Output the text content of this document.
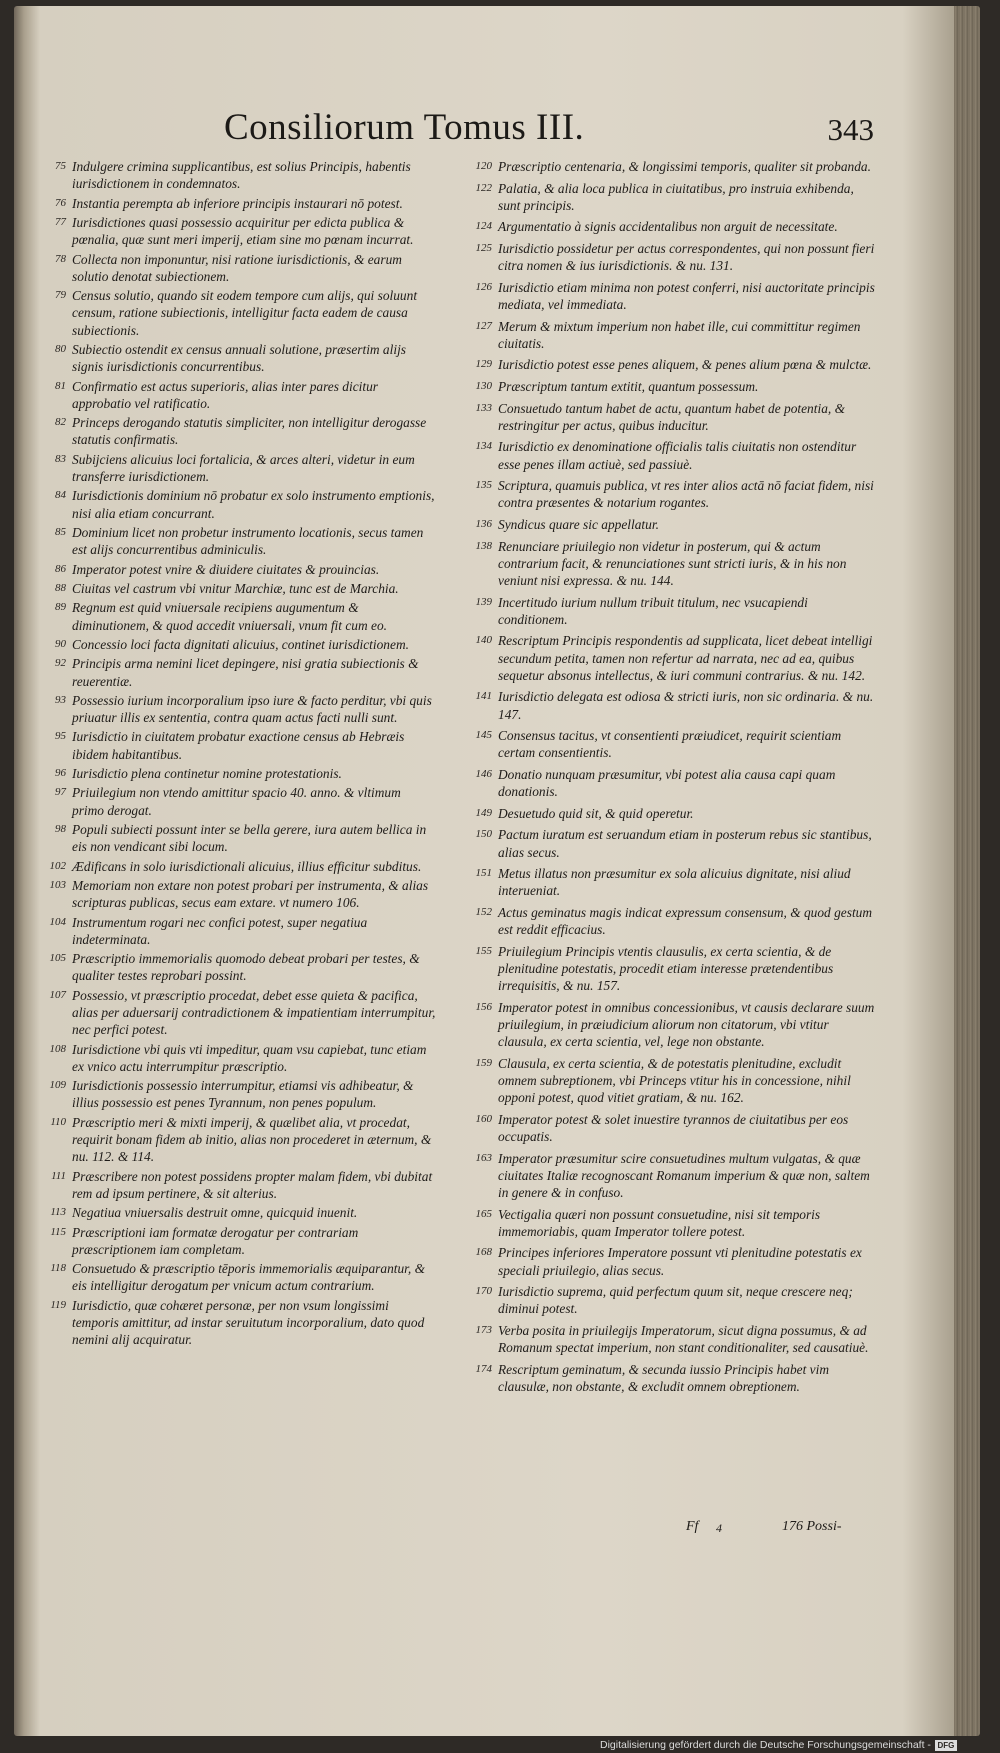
Consiliorum Tomus III.	343

75 Indulgere crimina supplicantibus, est solius Principis, habentis iurisdictionem in condemnatos.

76 Instantia perempta ab inferiore principis instaurari nō potest.

77 Iurisdictiones quasi possessio acquiritur per edicta publica & pœnalia, quæ sunt meri imperij, etiam sine mo pœnam incurrat.

78 Collecta non imponuntur, nisi ratione iurisdictionis, & earum solutio denotat subiectionem.

79 Census solutio, quando sit eodem tempore cum alijs, qui soluunt censum, ratione subiectionis, intelligitur facta eadem de causa subiectionis.

80 Subiectio ostendit ex census annuali solutione, præsertim alijs signis iurisdictionis concurrentibus.

81 Confirmatio est actus superioris, alias inter pares dicitur approbatio vel ratificatio.

82 Princeps derogando statutis simpliciter, non intelligitur derogasse statutis confirmatis.

83 Subijciens alicuius loci fortalicia, & arces alteri, videtur in eum transferre iurisdictionem.

84 Iurisdictionis dominium nō probatur ex solo instrumento emptionis, nisi alia etiam concurrant.

85 Dominium licet non probetur instrumento locationis, secus tamen est alijs concurrentibus adminiculis.

86 Imperator potest vnire & diuidere ciuitates & prouincias.

88 Ciuitas vel castrum vbi vnitur Marchiæ, tunc est de Marchia.

89 Regnum est quid vniuersale recipiens augumentum & diminutionem, & quod accedit vniuersali, vnum fit cum eo.

90 Concessio loci facta dignitati alicuius, continet iurisdictionem.

92 Principis arma nemini licet depingere, nisi gratia subiectionis & reuerentiæ.

93 Possessio iurium incorporalium ipso iure & facto perditur, vbi quis priuatur illis ex sententia, contra quam actus facti nulli sunt.

95 Iurisdictio in ciuitatem probatur exactione census ab Hebræis ibidem habitantibus.

96 Iurisdictio plena continetur nomine protestationis.

97 Priuilegium non vtendo amittitur spacio 40. anno. & vltimum primo derogat.

98 Populi subiecti possunt inter se bella gerere, iura autem bellica in eis non vendicant sibi locum.

102 Ædificans in solo iurisdictionali alicuius, illius efficitur subditus.

103 Memoriam non extare non potest probari per instrumenta, & alias scripturas publicas, secus eam extare. vt numero 106.

104 Instrumentum rogari nec confici potest, super negatiua indeterminata.

105 Præscriptio immemorialis quomodo debeat probari per testes, & qualiter testes reprobari possint.

107 Possessio, vt præscriptio procedat, debet esse quieta & pacifica, alias per aduersarij contradictionem & impatientiam interrumpitur, nec perfici potest.

108 Iurisdictione vbi quis vti impeditur, quam vsu capiebat, tunc etiam ex vnico actu interrumpitur præscriptio.

109 Iurisdictionis possessio interrumpitur, etiamsi vis adhibeatur, & illius possessio est penes Tyrannum, non penes populum.

110 Præscriptio meri & mixti imperij, & quælibet alia, vt procedat, requirit bonam fidem ab initio, alias non procederet in æternum, & nu. 112. & 114.

111 Præscribere non potest possidens propter malam fidem, vbi dubitat rem ad ipsum pertinere, & sit alterius.

113 Negatiua vniuersalis destruit omne, quicquid inuenit.

115 Præscriptioni iam formatæ derogatur per contrariam præscriptionem iam completam.

118 Consuetudo & præscriptio tēporis immemorialis æquiparantur, & eis intelligitur derogatum per vnicum actum contrarium.

119 Iurisdictio, quæ cohæret personæ, per non vsum longissimi temporis amittitur, ad instar seruitutum incorporalium, dato quod nemini alij acquiratur.

120 Præscriptio centenaria, & longissimi temporis, qualiter sit probanda.

122 Palatia, & alia loca publica in ciuitatibus, pro instruia exhibenda, sunt principis.

124 Argumentatio à signis accidentalibus non arguit de necessitate.

125 Iurisdictio possidetur per actus correspondentes, qui non possunt fieri citra nomen & ius iurisdictionis. & nu. 131.

126 Iurisdictio etiam minima non potest conferri, nisi auctoritate principis mediata, vel immediata.

127 Merum & mixtum imperium non habet ille, cui committitur regimen ciuitatis.

129 Iurisdictio potest esse penes aliquem, & penes alium pœna & mulctæ.

130 Præscriptum tantum extitit, quantum possessum.

133 Consuetudo tantum habet de actu, quantum habet de potentia, & restringitur per actus, quibus inducitur.

134 Iurisdictio ex denominatione officialis talis ciuitatis non ostenditur esse penes illam actiuè, sed passiuè.

135 Scriptura, quamuis publica, vt res inter alios actā nō faciat fidem, nisi contra præsentes & notarium rogantes.

136 Syndicus quare sic appellatur.

138 Renunciare priuilegio non videtur in posterum, qui & actum contrarium facit, & renunciationes sunt stricti iuris, & in his non veniunt nisi expressa. & nu. 144.

139 Incertitudo iurium nullum tribuit titulum, nec vsucapiendi conditionem.

140 Rescriptum Principis respondentis ad supplicata, licet debeat intelligi secundum petita, tamen non refertur ad narrata, nec ad ea, quibus sequetur absonus intellectus, & iuri communi contrarius. & nu. 142.

141 Iurisdictio delegata est odiosa & stricti iuris, non sic ordinaria. & nu. 147.

145 Consensus tacitus, vt consentienti præiudicet, requirit scientiam certam consentientis.

146 Donatio nunquam præsumitur, vbi potest alia causa capi quam donationis.

149 Desuetudo quid sit, & quid operetur.

150 Pactum iuratum est seruandum etiam in posterum rebus sic stantibus, alias secus.

151 Metus illatus non præsumitur ex sola alicuius dignitate, nisi aliud interueniat.

152 Actus geminatus magis indicat expressum consensum, & quod gestum est reddit efficacius.

155 Priuilegium Principis vtentis clausulis, ex certa scientia, & de plenitudine potestatis, procedit etiam interesse prætendentibus irrequisitis, & nu. 157.

156 Imperator potest in omnibus concessionibus, vt causis declarare suum priuilegium, in præiudicium aliorum non citatorum, vbi vtitur clausula, ex certa scientia, vel, lege non obstante.

159 Clausula, ex certa scientia, & de potestatis plenitudine, excludit omnem subreptionem, vbi Princeps vtitur his in concessione, nihil opponi potest, quod vitiet gratiam, & nu. 162.

160 Imperator potest & solet inuestire tyrannos de ciuitatibus per eos occupatis.

163 Imperator præsumitur scire consuetudines multum vulgatas, & quæ ciuitates Italiæ recognoscant Romanum imperium & quæ non, saltem in genere & in confuso.

165 Vectigalia quæri non possunt consuetudine, nisi sit temporis immemoriabis, quam Imperator tollere potest.

168 Principes inferiores Imperatore possunt vti plenitudine potestatis ex speciali priuilegio, alias secus.

170 Iurisdictio suprema, quid perfectum quum sit, neque crescere neq; diminui potest.

173 Verba posita in priuilegijs Imperatorum, sicut digna possumus, & ad Romanum spectat imperium, non stant conditionaliter, sed causatiuè.

174 Rescriptum geminatum, & secunda iussio Principis habet vim clausulæ, non obstante, & excludit omnem obreptionem.

Ff 4	176 Possi-
Digitalisierung gefördert durch die Deutsche Forschungsgemeinschaft - DFG
